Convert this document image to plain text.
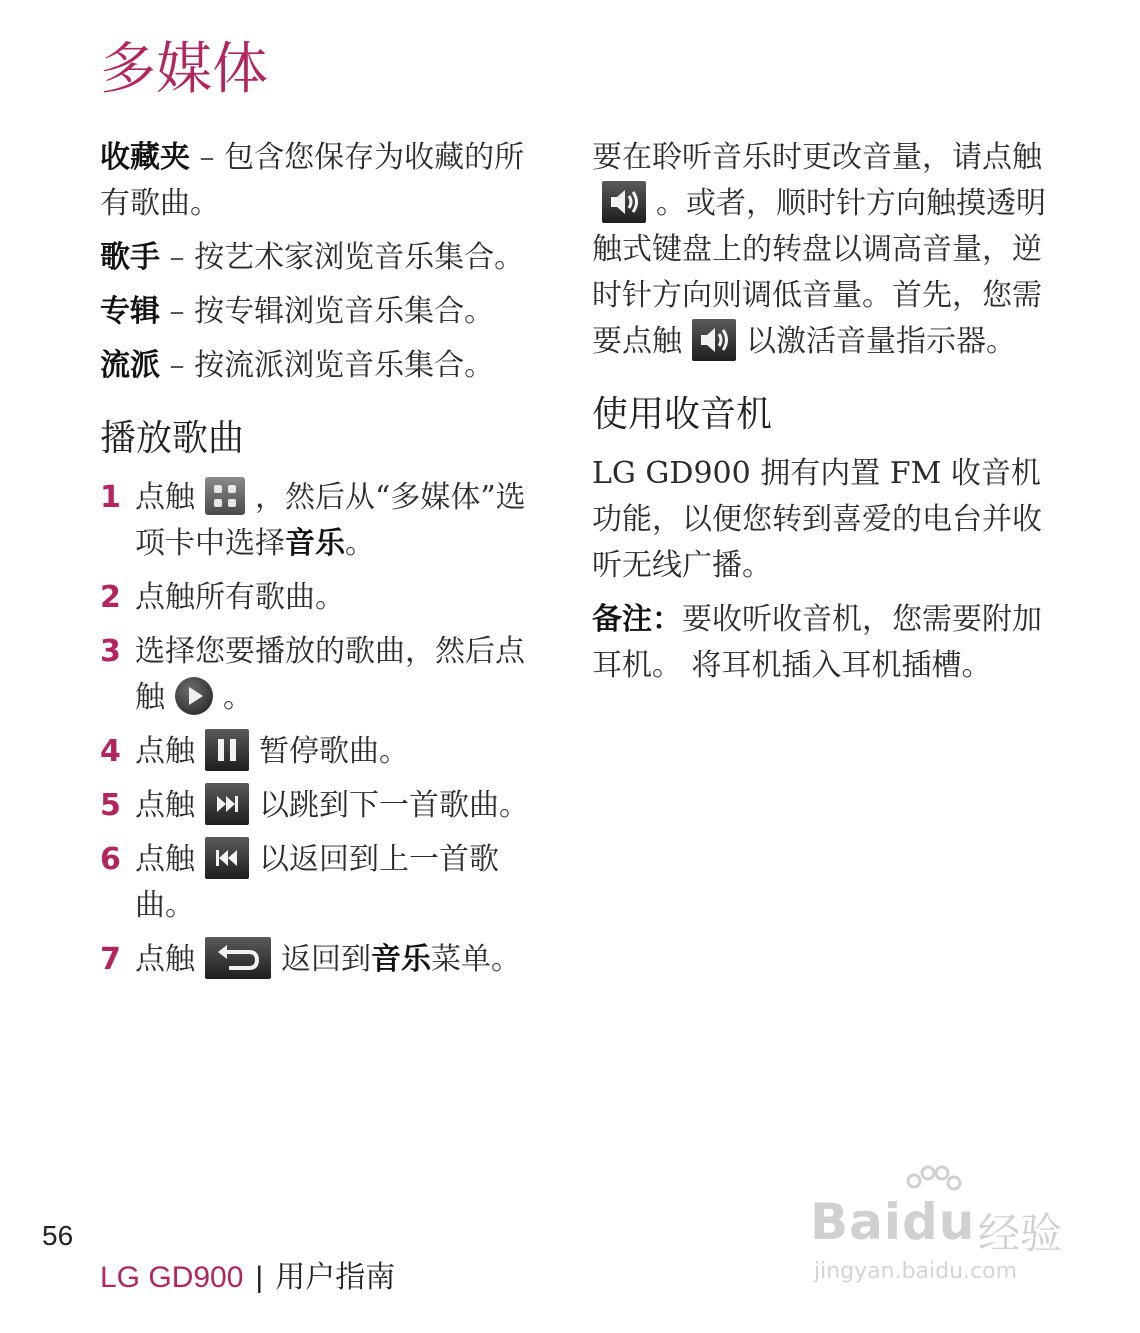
多媒体

收藏夹 – 包含您保存为收藏的所有歌曲。

歌手 – 按艺术家浏览音乐集合。

专辑 – 按专辑浏览音乐集合。

流派 – 按流派浏览音乐集合。

播放歌曲
1 点触 ，然后从“多媒体”选项卡中选择音乐。
2 点触所有歌曲。
3 选择您要播放的歌曲，然后点触 。
4 点触 暂停歌曲。
5 点触 以跳到下一首歌曲。
6 点触 以返回到上一首歌曲。
7 点触	返回到音乐菜单。

要在聆听音乐时更改音量，请点触
。或者，顺时针方向触摸透明触式键盘上的转盘以调高音量，逆时针方向则调低音量。首先，您需要点触 以激活音量指示器。

使用收音机

LG GD900 拥有内置 FM 收音机功能，以便您转到喜爱的电台并收听无线广播。

备注：要收听收音机，您需要附加耳机。 将耳机插入耳机插槽。

56
LG GD900 | 用户指南
Baidu 经验
jingyan.baidu.com
